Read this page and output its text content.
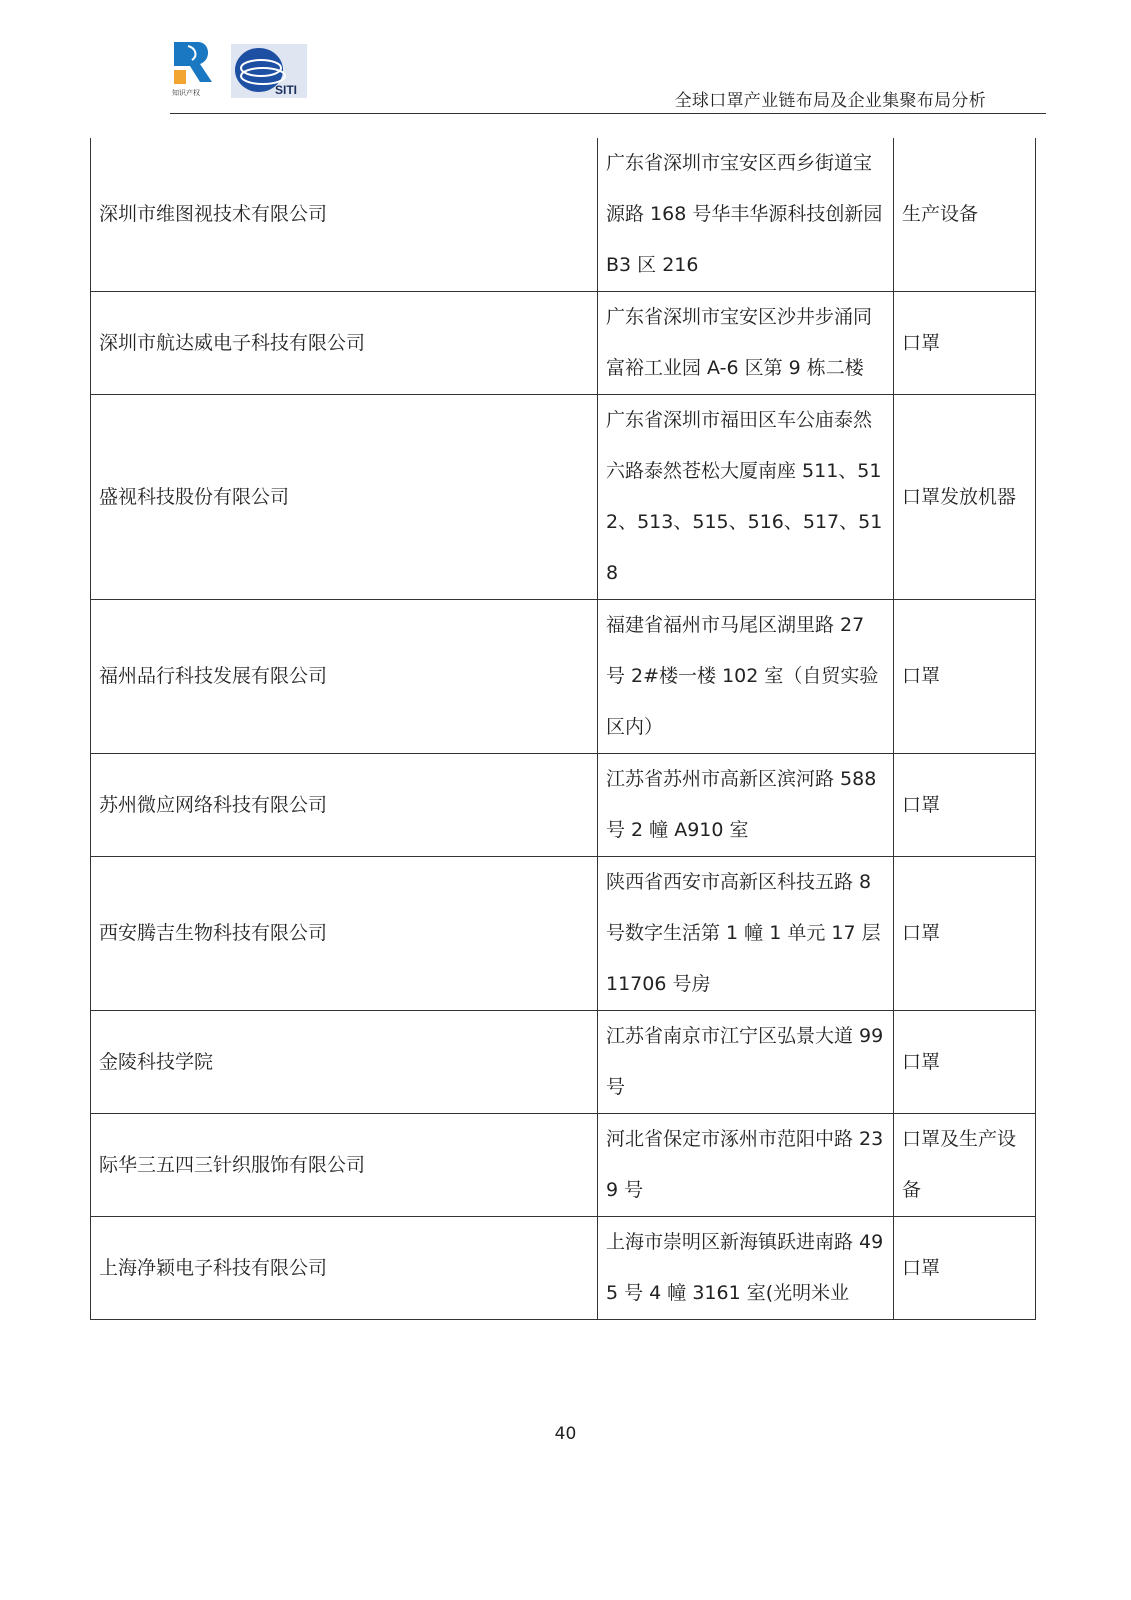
知识产权	SITI
全球口罩产业链布局及企业集聚布局分析
深圳市维图视技术有限公司	广东省深圳市宝安区西乡街道宝源路 168 号华丰华源科技创新园 B3 区 216	生产设备
深圳市航达威电子科技有限公司	广东省深圳市宝安区沙井步涌同富裕工业园 A-6 区第 9 栋二楼	口罩
盛视科技股份有限公司	广东省深圳市福田区车公庙泰然六路泰然苍松大厦南座 511、512、513、515、516、517、518	口罩发放机器
福州品行科技发展有限公司	福建省福州市马尾区湖里路 27 号 2#楼一楼 102 室（自贸实验区内）	口罩
苏州微应网络科技有限公司	江苏省苏州市高新区滨河路 588 号 2 幢 A910 室	口罩
西安腾吉生物科技有限公司	陕西省西安市高新区科技五路 8 号数字生活第 1 幢 1 单元 17 层 11706 号房	口罩
金陵科技学院	江苏省南京市江宁区弘景大道 99 号	口罩
际华三五四三针织服饰有限公司	河北省保定市涿州市范阳中路 239 号	口罩及生产设备
上海净颖电子科技有限公司	上海市崇明区新海镇跃进南路 495 号 4 幢 3161 室(光明米业	口罩
40
